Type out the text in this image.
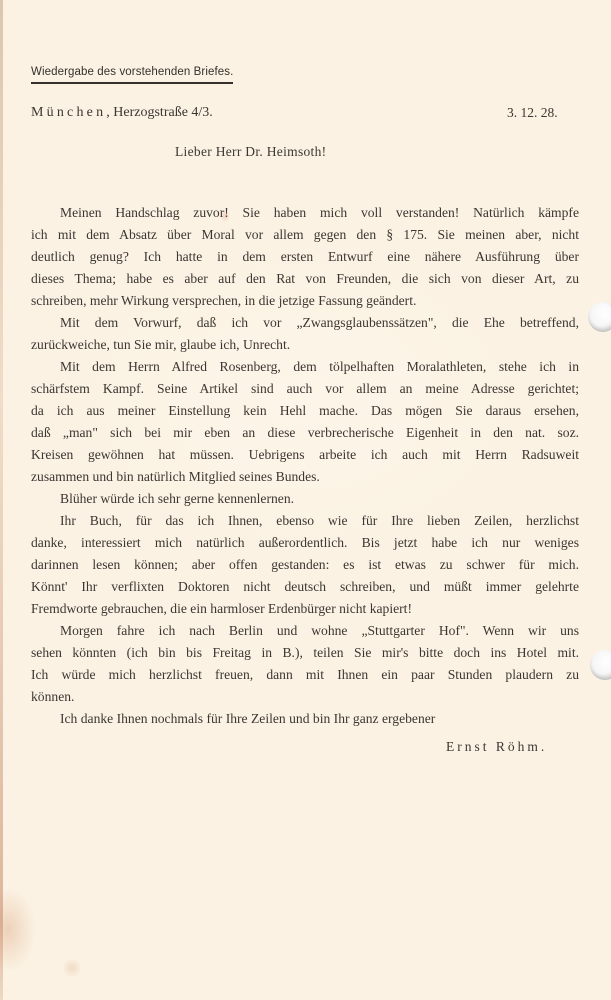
Wiedergabe des vorstehenden Briefes.
München, Herzogstraße 4/3.	3. 12. 28.
Lieber Herr Dr. Heimsoth!
Meinen Handschlag zuvor! Sie haben mich voll verstanden! Natürlich kämpfe
ich mit dem Absatz über Moral vor allem gegen den § 175. Sie meinen aber, nicht
deutlich genug? Ich hatte in dem ersten Entwurf eine nähere Ausführung über
dieses Thema; habe es aber auf den Rat von Freunden, die sich von dieser Art, zu
schreiben, mehr Wirkung versprechen, in die jetzige Fassung geändert.
Mit dem Vorwurf, daß ich vor „Zwangsglaubenssätzen", die Ehe betreffend,
zurückweiche, tun Sie mir, glaube ich, Unrecht.
Mit dem Herrn Alfred Rosenberg, dem tölpelhaften Moralathleten, stehe ich in
schärfstem Kampf. Seine Artikel sind auch vor allem an meine Adresse gerichtet;
da ich aus meiner Einstellung kein Hehl mache. Das mögen Sie daraus ersehen,
daß „man" sich bei mir eben an diese verbrecherische Eigenheit in den nat. soz.
Kreisen gewöhnen hat müssen. Uebrigens arbeite ich auch mit Herrn Radsuweit
zusammen und bin natürlich Mitglied seines Bundes.
Blüher würde ich sehr gerne kennenlernen.
Ihr Buch, für das ich Ihnen, ebenso wie für Ihre lieben Zeilen, herzlichst
danke, interessiert mich natürlich außerordentlich. Bis jetzt habe ich nur weniges
darinnen lesen können; aber offen gestanden: es ist etwas zu schwer für mich.
Könnt' Ihr verflixten Doktoren nicht deutsch schreiben, und müßt immer gelehrte
Fremdworte gebrauchen, die ein harmloser Erdenbürger nicht kapiert!
Morgen fahre ich nach Berlin und wohne „Stuttgarter Hof". Wenn wir uns
sehen könnten (ich bin bis Freitag in B.), teilen Sie mir's bitte doch ins Hotel mit.
Ich würde mich herzlichst freuen, dann mit Ihnen ein paar Stunden plaudern zu
können.
Ich danke Ihnen nochmals für Ihre Zeilen und bin Ihr ganz ergebener
Ernst Röhm.
